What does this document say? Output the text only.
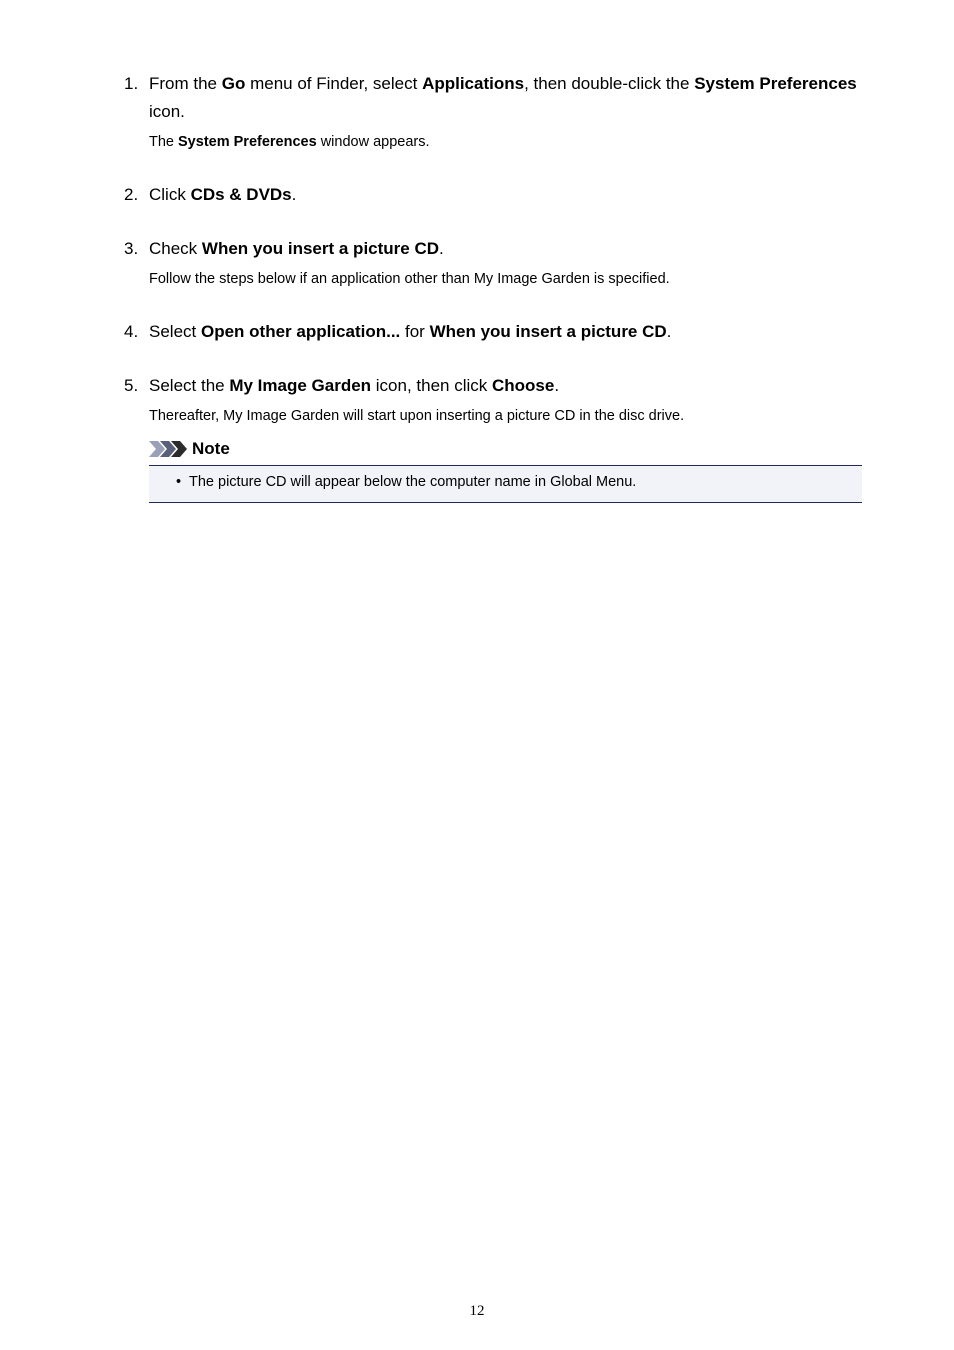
1. From the Go menu of Finder, select Applications, then double-click the System Preferences icon.

The System Preferences window appears.

2. Click CDs & DVDs.

3. Check When you insert a picture CD.

Follow the steps below if an application other than My Image Garden is specified.

4. Select Open other application... for When you insert a picture CD.

5. Select the My Image Garden icon, then click Choose.

Thereafter, My Image Garden will start upon inserting a picture CD in the disc drive.

Note
• The picture CD will appear below the computer name in Global Menu.
12
